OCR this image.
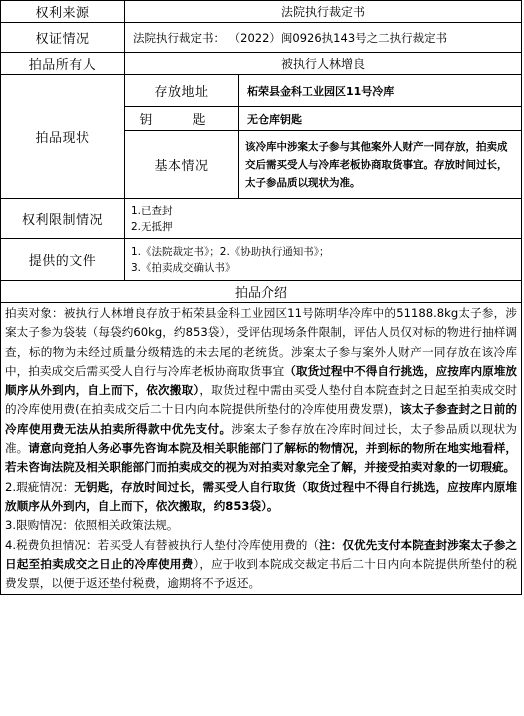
权利来源	法院执行裁定书	
权证情况	法院执行裁定书： （2022）闽0926执143号之二执行裁定书	
拍品所有人	被执行人林增良	
拍品现状	存放地址	柘荣县金科工业园区11号冷库
	钥 匙	无仓库钥匙
	基本情况	该冷库中涉案太子参与其他案外人财产一同存放，拍卖成交后需买受人与冷库老板协商取货事宜。存放时间过长，太子参品质以现状为准。
权利限制情况	1.已查封
2.无抵押	

提供的文件	1.《法院裁定书》；2.《协助执行通知书》；
3.《拍卖成交确认书》	

拍品介绍		

拍卖对象：被执行人林增良存放于柘荣县金科工业园区11号陈明华冷库中的51188.8kg太子参，涉案太子参为袋装（每袋约60kg，约853袋），受评估现场条件限制，评估人员仅对标的物进行抽样调查，标的物为未经过质量分级精选的未去尾的老统货。涉案太子参与案外人财产一同存放在该冷库中，拍卖成交后需买受人自行与冷库老板协商取货事宜（取货过程中不得自行挑选，应按库内原堆放顺序从外到内，自上而下，依次搬取），取货过程中需由买受人垫付自本院查封之日起至拍卖成交时的冷库使用费(在拍卖成交后二十日内向本院提供所垫付的冷库使用费发票)，该太子参查封之日前的冷库使用费无法从拍卖所得款中优先支付。涉案太子参存放在冷库时间过长，太子参品质以现状为准。请意向竞拍人务必事先咨询本院及相关职能部门了解标的物情况，并到标的物所在地实地看样，若未咨询法院及相关职能部门而拍卖成交的视为对拍卖对象完全了解，并接受拍卖对象的一切瑕疵。

2.瑕疵情况：无钥匙，存放时间过长，需买受人自行取货（取货过程中不得自行挑选，应按库内原堆放顺序从外到内，自上而下，依次搬取，约853袋）。

3.限购情况：依照相关政策法规。

4.税费负担情况：若买受人有替被执行人垫付冷库使用费的（注：仅优先支付本院查封涉案太子参之日起至拍卖成交之日止的冷库使用费），应于收到本院成交裁定书后二十日内向本院提供所垫付的税费发票，以便于返还垫付税费，逾期将不予返还。		
